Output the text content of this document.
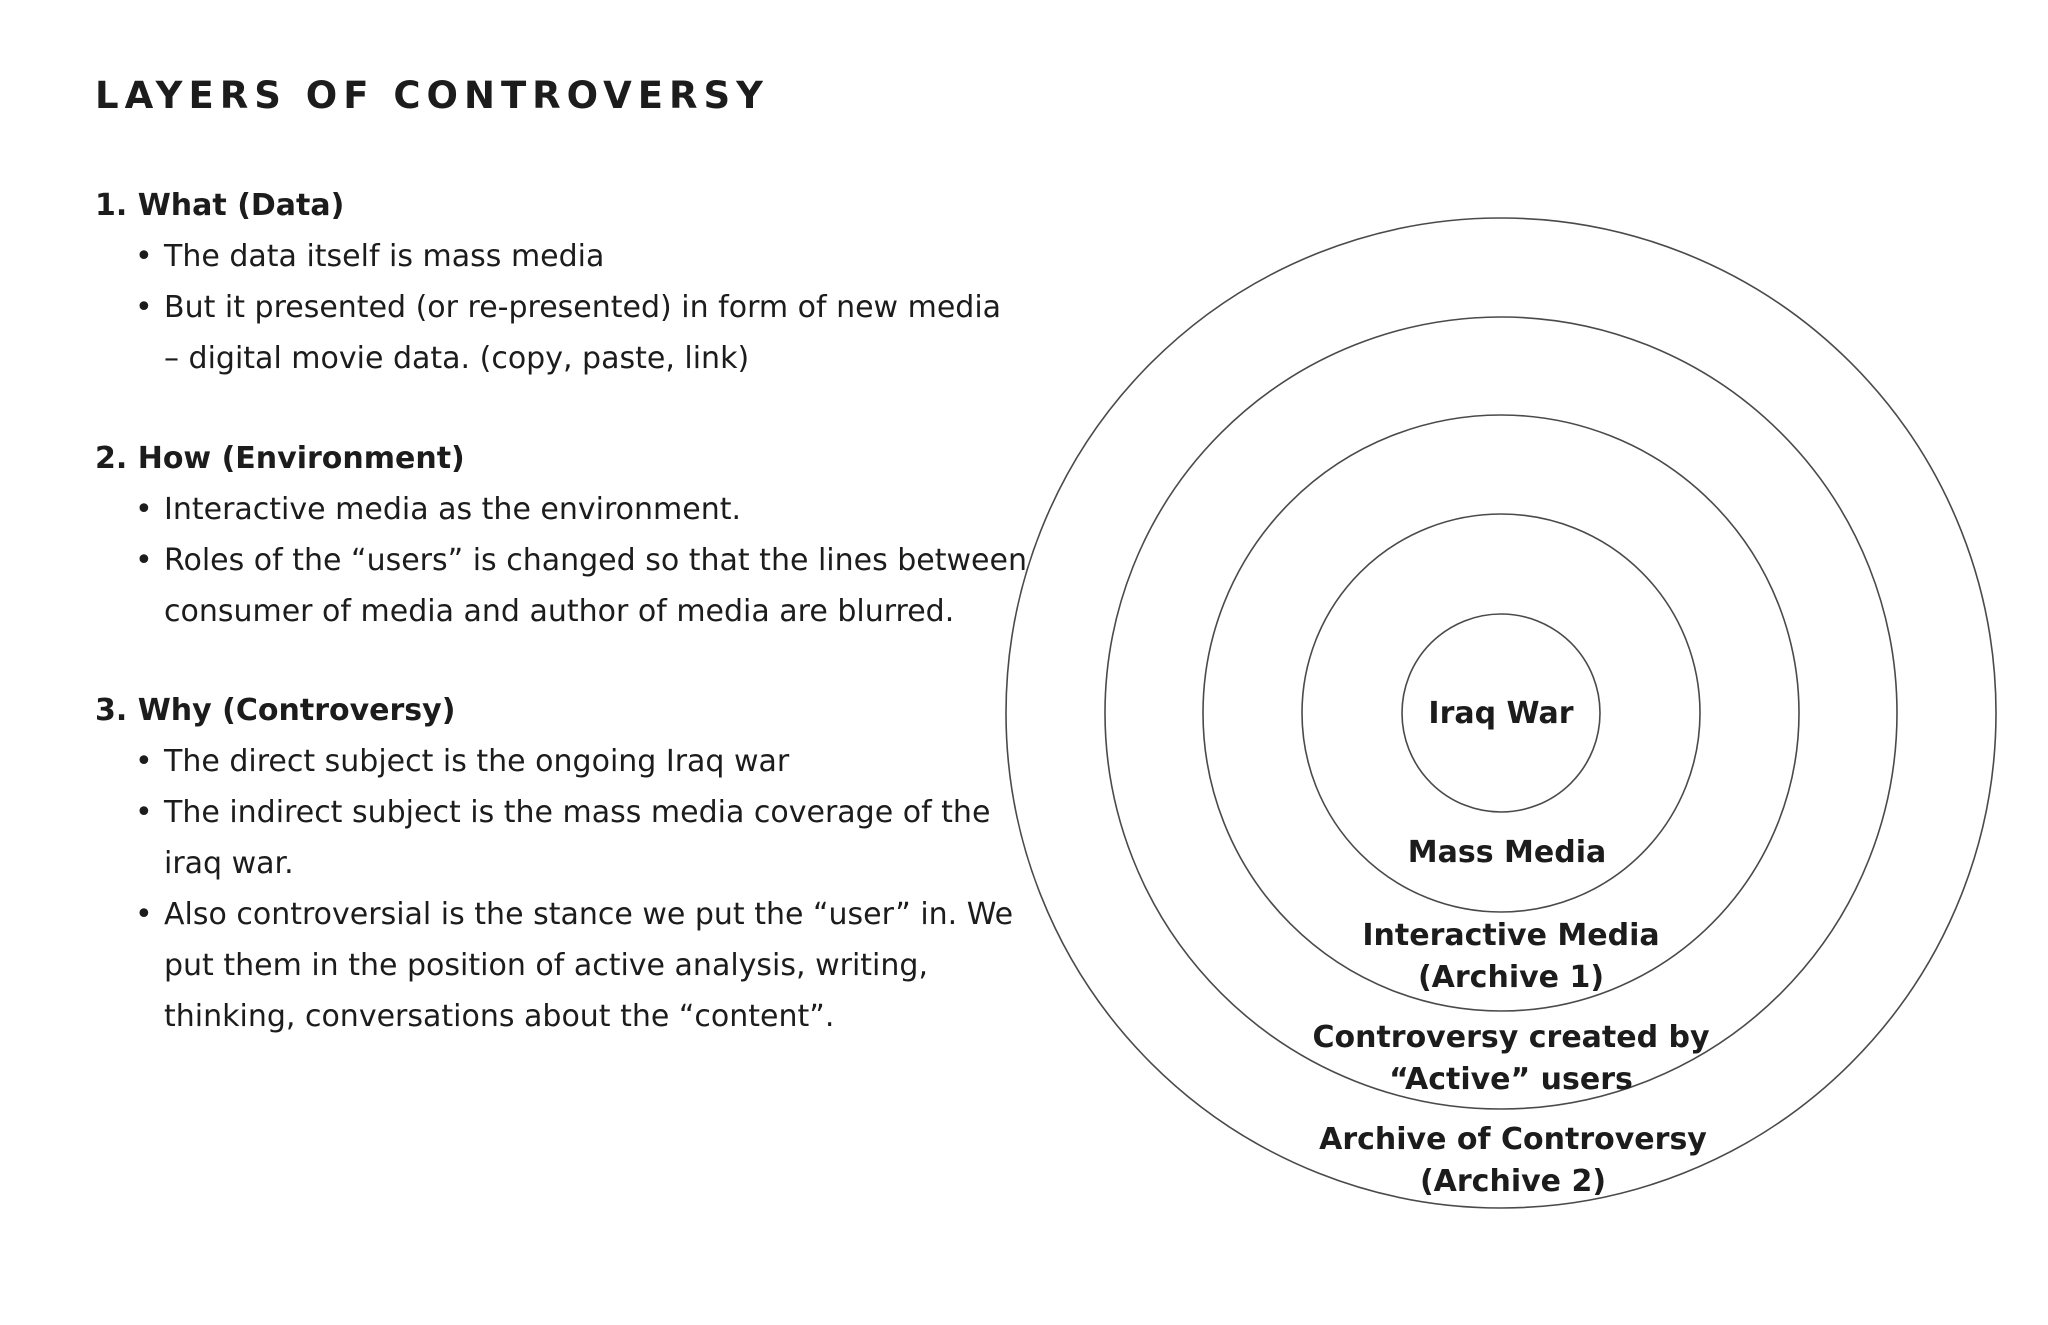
LAYERS OF CONTROVERSY
1. What (Data)
• The data itself is mass media
• But it presented (or re-presented) in form of new media
– digital movie data. (copy, paste, link)
2. How (Environment)
• Interactive media as the environment.
• Roles of the “users” is changed so that the lines between
consumer of media and author of media are blurred.
3. Why (Controversy)
• The direct subject is the ongoing Iraq war
• The indirect subject is the mass media coverage of the
iraq war.
• Also controversial is the stance we put the “user” in. We
put them in the position of active analysis, writing,
thinking, conversations about the “content”.
Iraq War
Mass Media
Interactive Media
(Archive 1)
Controversy created by
“Active” users
Archive of Controversy
(Archive 2)
